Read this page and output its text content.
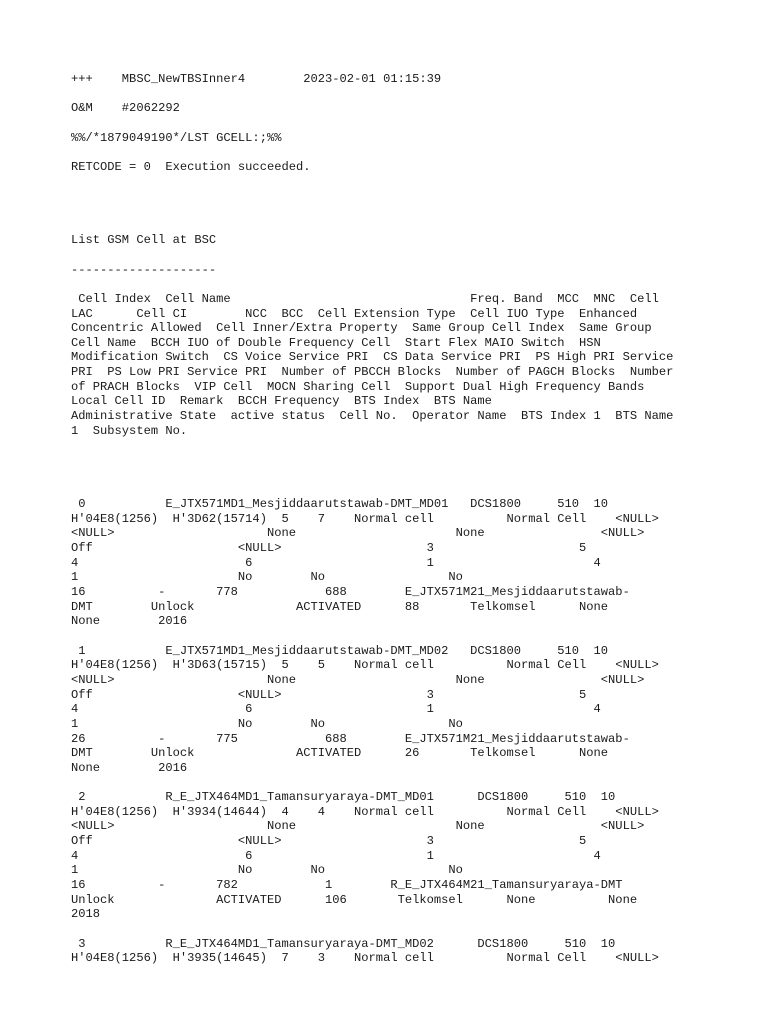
+++    MBSC_NewTBSInner4        2023-02-01 01:15:39

O&M    #2062292

%%/*1879049190*/LST GCELL:;%%

RETCODE = 0  Execution succeeded.

List GSM Cell at BSC

--------------------

Cell Index  Cell Name                                 Freq. Band  MCC  MNC  Cell
LAC      Cell CI        NCC  BCC  Cell Extension Type  Cell IUO Type  Enhanced
Concentric Allowed  Cell Inner/Extra Property  Same Group Cell Index  Same Group
Cell Name  BCCH IUO of Double Frequency Cell  Start Flex MAIO Switch  HSN
Modification Switch  CS Voice Service PRI  CS Data Service PRI  PS High PRI Service
PRI  PS Low PRI Service PRI  Number of PBCCH Blocks  Number of PAGCH Blocks  Number
of PRACH Blocks  VIP Cell  MOCN Sharing Cell  Support Dual High Frequency Bands
Local Cell ID  Remark  BCCH Frequency  BTS Index  BTS Name
Administrative State  active status  Cell No.  Operator Name  BTS Index 1  BTS Name
1  Subsystem No.

0           E_JTX571MD1_Mesjiddaarutstawab-DMT_MD01   DCS1800     510  10
H'04E8(1256)  H'3D62(15714)  5    7    Normal cell          Normal Cell    <NULL>
<NULL>                     None                      None                <NULL>
Off                    <NULL>                    3                    5
4                       6                        1                      4
1                      No        No                 No
16          -       778            688        E_JTX571M21_Mesjiddaarutstawab-
DMT        Unlock              ACTIVATED      88       Telkomsel      None
None        2016

1           E_JTX571MD1_Mesjiddaarutstawab-DMT_MD02   DCS1800     510  10
H'04E8(1256)  H'3D63(15715)  5    5    Normal cell          Normal Cell    <NULL>
<NULL>                     None                      None                <NULL>
Off                    <NULL>                    3                    5
4                       6                        1                      4
1                      No        No                 No
26          -       775            688        E_JTX571M21_Mesjiddaarutstawab-
DMT        Unlock              ACTIVATED      26       Telkomsel      None
None        2016

2           R_E_JTX464MD1_Tamansuryaraya-DMT_MD01      DCS1800     510  10
H'04E8(1256)  H'3934(14644)  4    4    Normal cell          Normal Cell    <NULL>
<NULL>                     None                      None                <NULL>
Off                    <NULL>                    3                    5
4                       6                        1                      4
1                      No        No                 No
16          -       782            1        R_E_JTX464M21_Tamansuryaraya-DMT
Unlock              ACTIVATED      106       Telkomsel      None          None
2018

3           R_E_JTX464MD1_Tamansuryaraya-DMT_MD02      DCS1800     510  10
H'04E8(1256)  H'3935(14645)  7    3    Normal cell          Normal Cell    <NULL>
